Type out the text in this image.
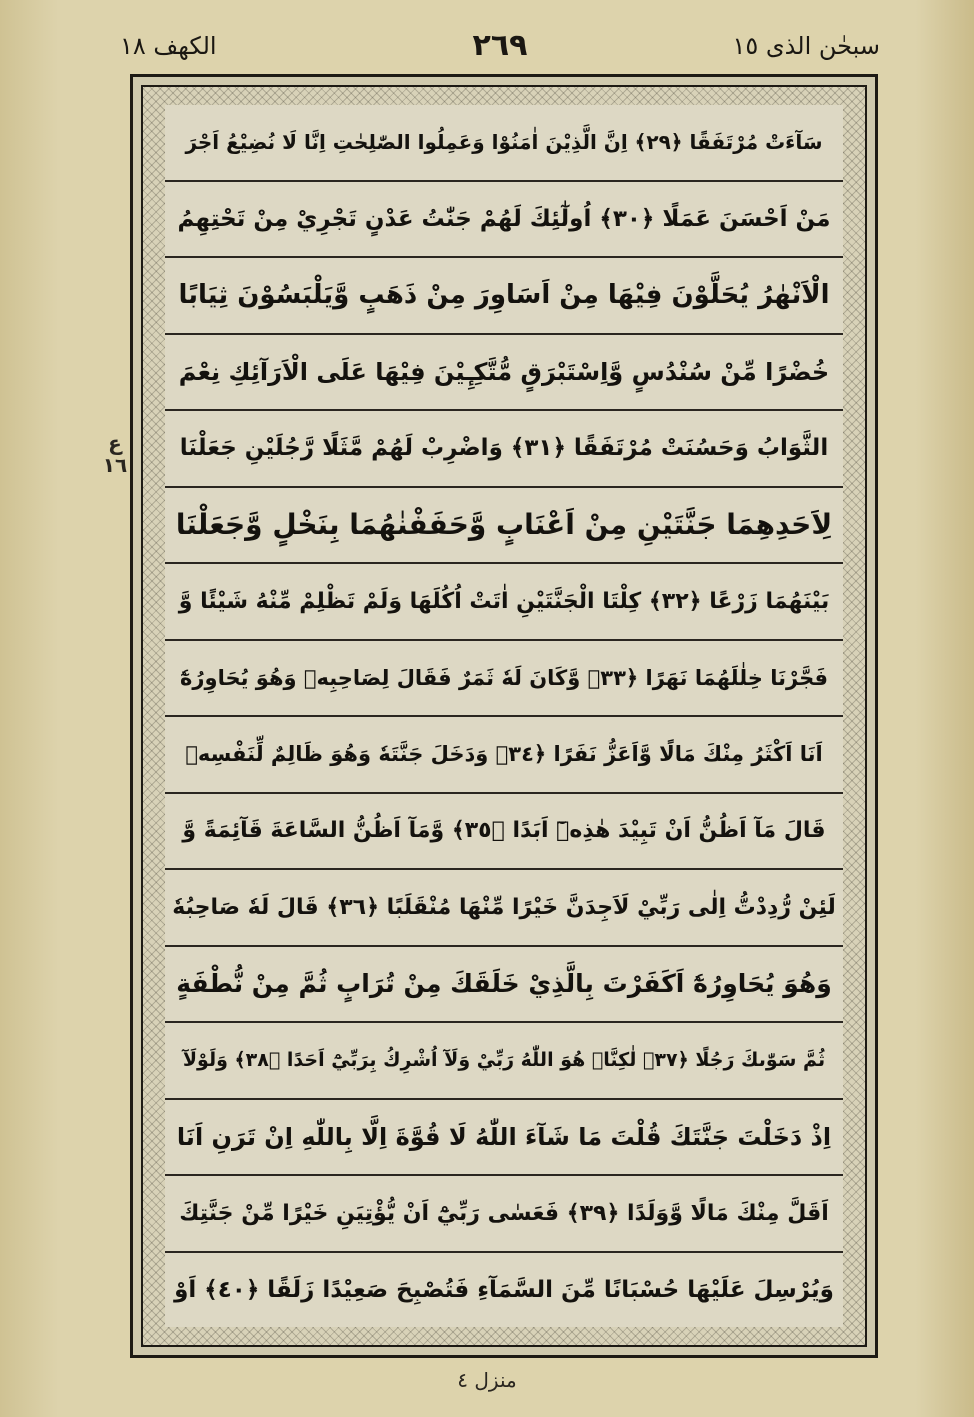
سبحٰن الذی ١٥
٢٦٩
الکھف ١٨
ع
١٦
سَآءَتْ مُرْتَفَقًا ﴿٢٩﴾ اِنَّ الَّذِيْنَ اٰمَنُوْا وَعَمِلُوا الصّٰلِحٰتِ اِنَّا لَا نُضِيْعُ اَجْرَ
مَنْ اَحْسَنَ عَمَلًا ﴿٣٠﴾ اُولٰٓئِكَ لَهُمْ جَنّٰتُ عَدْنٍ تَجْرِيْ مِنْ تَحْتِهِمُ
الْاَنْهٰرُ يُحَلَّوْنَ فِيْهَا مِنْ اَسَاوِرَ مِنْ ذَهَبٍ وَّيَلْبَسُوْنَ ثِيَابًا
خُضْرًا مِّنْ سُنْدُسٍ وَّاِسْتَبْرَقٍ مُّتَّكِـِٕيْنَ فِيْهَا عَلَى الْاَرَآئِكِ نِعْمَ
الثَّوَابُ وَحَسُنَتْ مُرْتَفَقًا ﴿٣١﴾ وَاضْرِبْ لَهُمْ مَّثَلًا رَّجُلَيْنِ جَعَلْنَا
لِاَحَدِهِمَا جَنَّتَيْنِ مِنْ اَعْنَابٍ وَّحَفَفْنٰهُمَا بِنَخْلٍ وَّجَعَلْنَا
بَيْنَهُمَا زَرْعًا ﴿٣٢﴾ كِلْتَا الْجَنَّتَيْنِ اٰتَتْ اُكُلَهَا وَلَمْ تَظْلِمْ مِّنْهُ شَيْئًا وَّ
فَجَّرْنَا خِلٰلَهُمَا نَهَرًا ﴿٣٣﴾ وَّكَانَ لَهٗ ثَمَرٌ فَقَالَ لِصَاحِبِهٖ وَهُوَ يُحَاوِرُهٗٓ
اَنَا اَكْثَرُ مِنْكَ مَالًا وَّاَعَزُّ نَفَرًا ﴿٣٤﴾ وَدَخَلَ جَنَّتَهٗ وَهُوَ ظَالِمٌ لِّنَفْسِهٖ
قَالَ مَآ اَظُنُّ اَنْ تَبِيْدَ هٰذِهٖٓ اَبَدًا ﴿٣٥﴾ وَّمَآ اَظُنُّ السَّاعَةَ قَآئِمَةً وَّ
لَئِنْ رُّدِدْتُّ اِلٰى رَبِّيْ لَاَجِدَنَّ خَيْرًا مِّنْهَا مُنْقَلَبًا ﴿٣٦﴾ قَالَ لَهٗ صَاحِبُهٗ
وَهُوَ يُحَاوِرُهٗٓ اَكَفَرْتَ بِالَّذِيْ خَلَقَكَ مِنْ تُرَابٍ ثُمَّ مِنْ نُّطْفَةٍ
ثُمَّ سَوّٰىكَ رَجُلًا ﴿٣٧﴾ لٰكِنَّا۠ هُوَ اللّٰهُ رَبِّيْ وَلَآ اُشْرِكُ بِرَبِّيْٓ اَحَدًا ﴿٣٨﴾ وَلَوْلَآ
اِذْ دَخَلْتَ جَنَّتَكَ قُلْتَ مَا شَآءَ اللّٰهُ لَا قُوَّةَ اِلَّا بِاللّٰهِ اِنْ تَرَنِ اَنَا
اَقَلَّ مِنْكَ مَالًا وَّوَلَدًا ﴿٣٩﴾ فَعَسٰى رَبِّيْٓ اَنْ يُّؤْتِيَنِ خَيْرًا مِّنْ جَنَّتِكَ
وَيُرْسِلَ عَلَيْهَا حُسْبَانًا مِّنَ السَّمَآءِ فَتُصْبِحَ صَعِيْدًا زَلَقًا ﴿٤٠﴾ اَوْ
منزل ٤
